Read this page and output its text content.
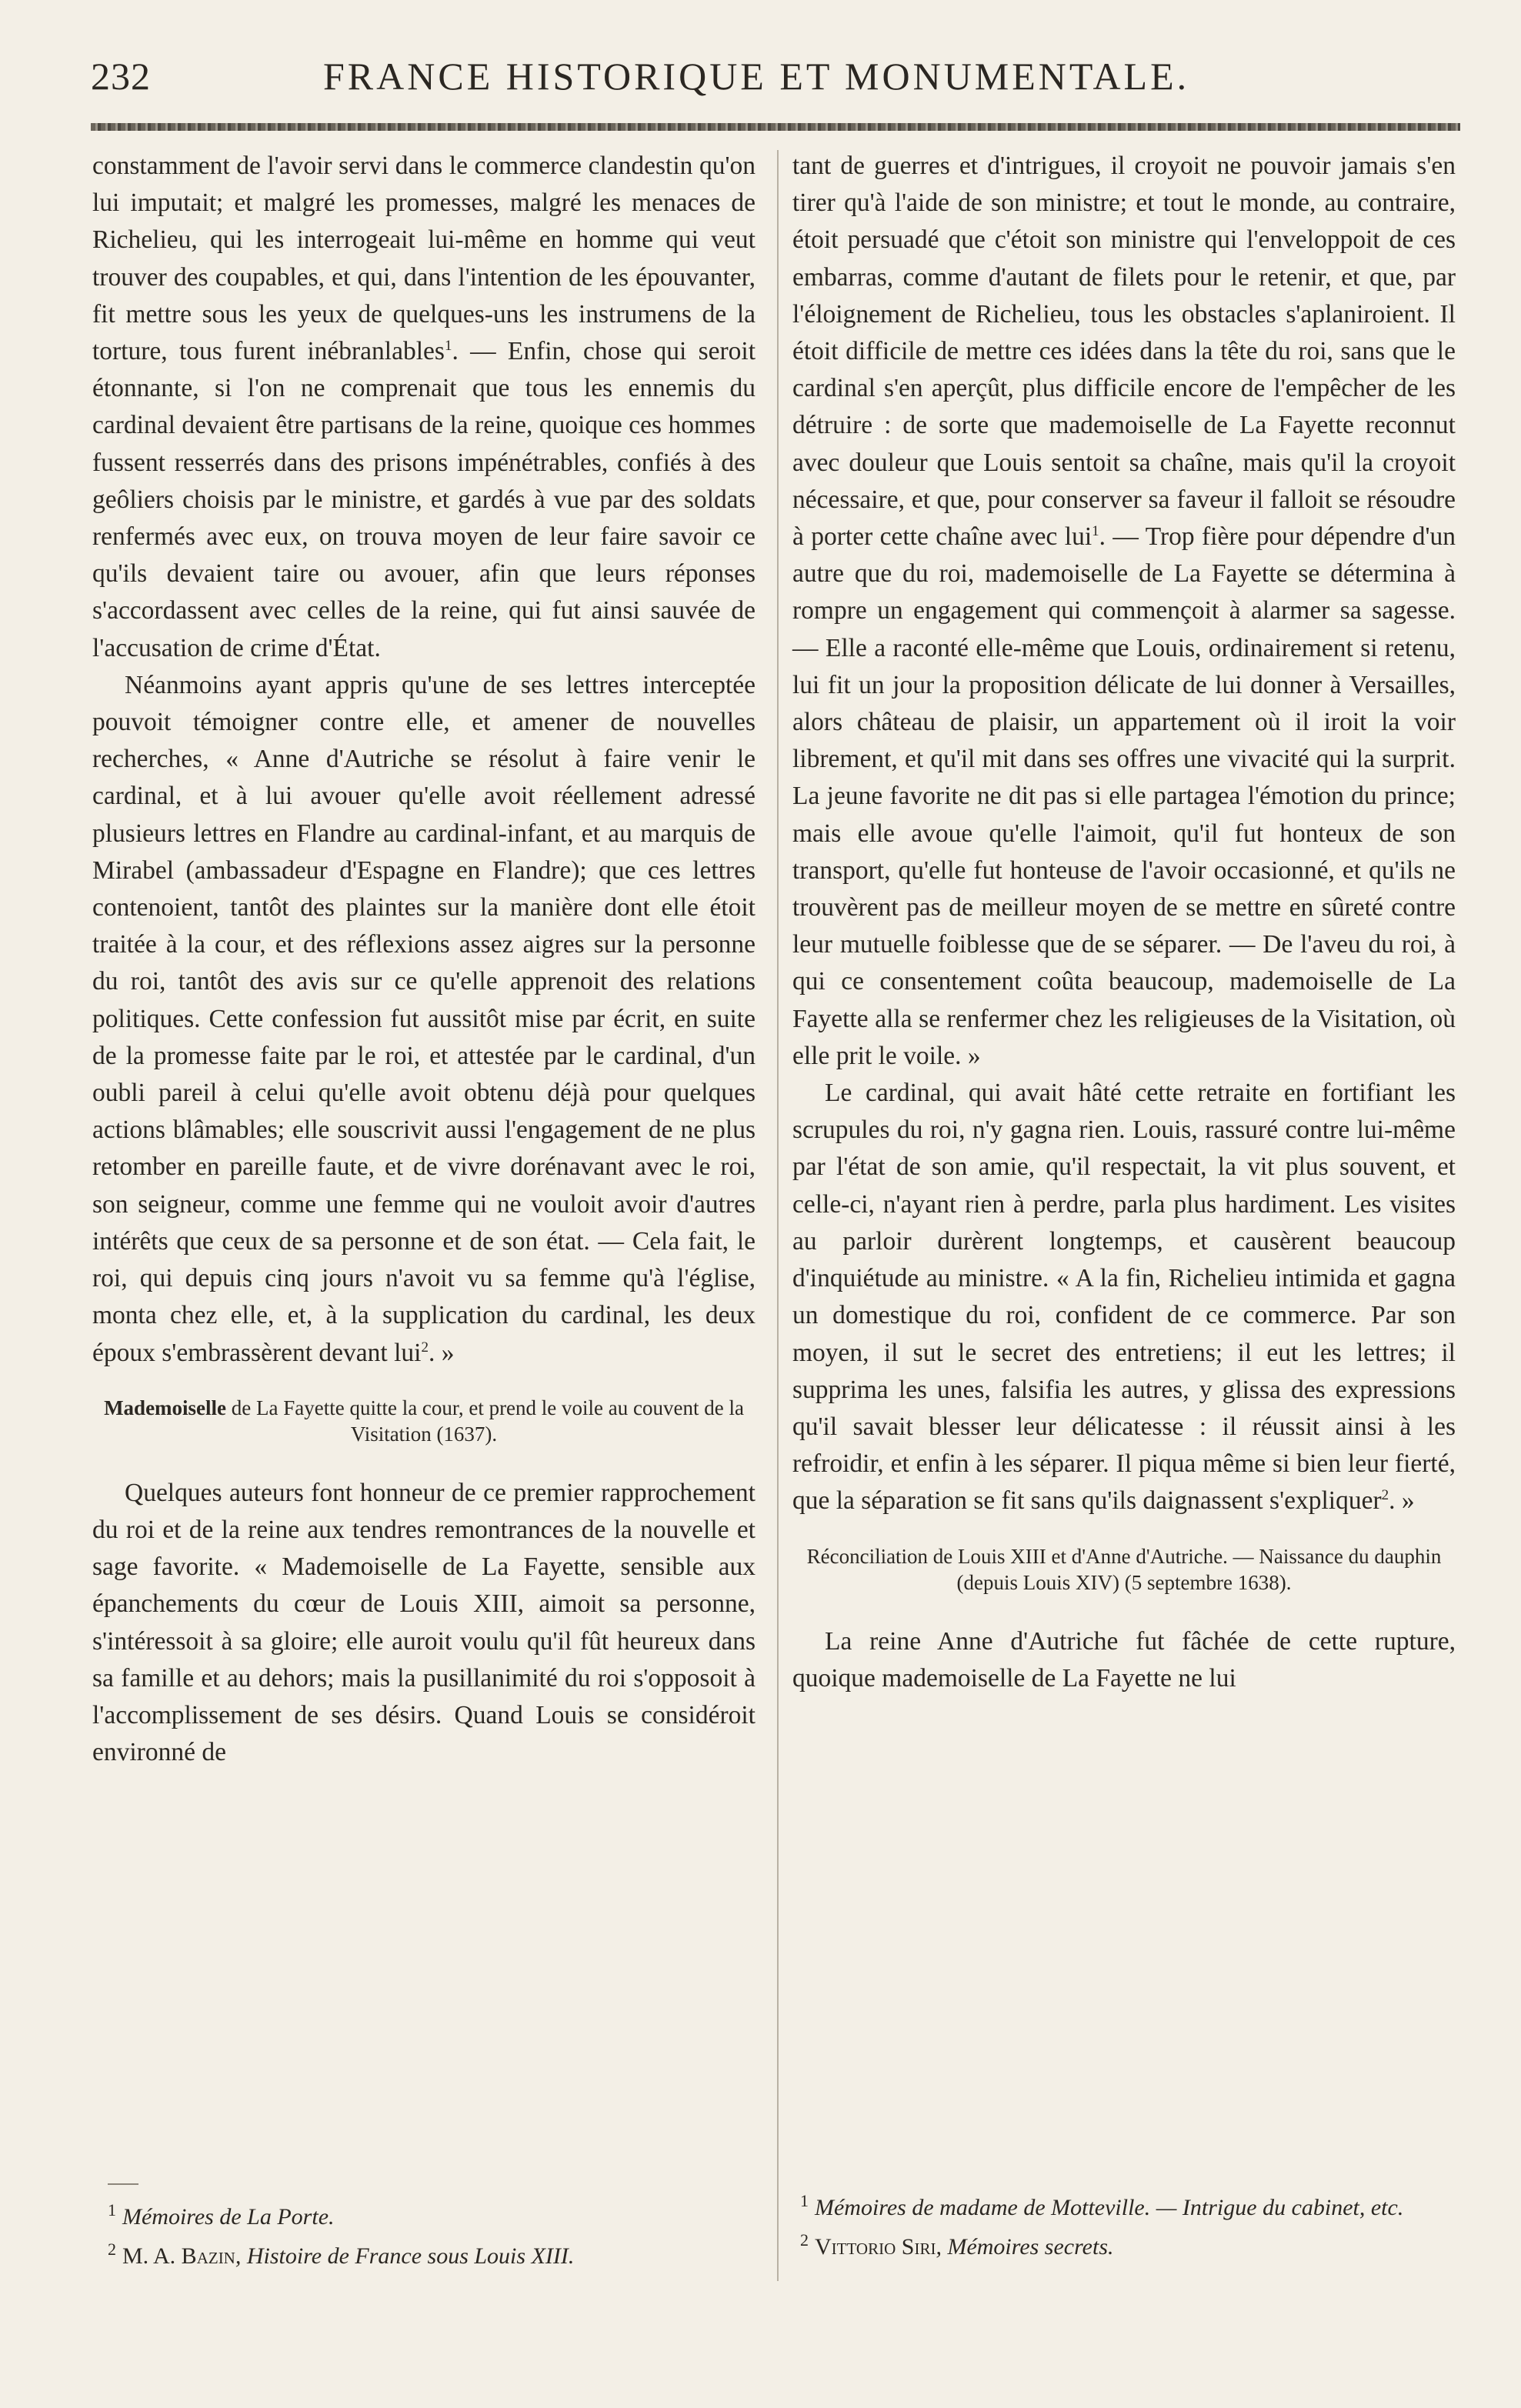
232	FRANCE HISTORIQUE ET MONUMENTALE.

constamment de l'avoir servi dans le commerce clandestin qu'on lui imputait; et malgré les promesses, malgré les menaces de Richelieu, qui les interrogeait lui-même en homme qui veut trouver des coupables, et qui, dans l'intention de les épouvanter, fit mettre sous les yeux de quelques-uns les instrumens de la torture, tous furent inébranlables$^1$. — Enfin, chose qui seroit étonnante, si l'on ne comprenait que tous les ennemis du cardinal devaient être partisans de la reine, quoique ces hommes fussent resserrés dans des prisons impénétrables, confiés à des geôliers choisis par le ministre, et gardés à vue par des soldats renfermés avec eux, on trouva moyen de leur faire savoir ce qu'ils devaient taire ou avouer, afin que leurs réponses s'accordassent avec celles de la reine, qui fut ainsi sauvée de l'accusation de crime d'État.

Néanmoins ayant appris qu'une de ses lettres interceptée pouvoit témoigner contre elle, et amener de nouvelles recherches, « Anne d'Autriche se résolut à faire venir le cardinal, et à lui avouer qu'elle avoit réellement adressé plusieurs lettres en Flandre au cardinal-infant, et au marquis de Mirabel (ambassadeur d'Espagne en Flandre); que ces lettres contenoient, tantôt des plaintes sur la manière dont elle étoit traitée à la cour, et des réflexions assez aigres sur la personne du roi, tantôt des avis sur ce qu'elle apprenoit des relations politiques. Cette confession fut aussitôt mise par écrit, en suite de la promesse faite par le roi, et attestée par le cardinal, d'un oubli pareil à celui qu'elle avoit obtenu déjà pour quelques actions blâmables; elle souscrivit aussi l'engagement de ne plus retomber en pareille faute, et de vivre dorénavant avec le roi, son seigneur, comme une femme qui ne vouloit avoir d'autres intérêts que ceux de sa personne et de son état. — Cela fait, le roi, qui depuis cinq jours n'avoit vu sa femme qu'à l'église, monta chez elle, et, à la supplication du cardinal, les deux époux s'embrassèrent devant lui$^2$. »

Mademoiselle de La Fayette quitte la cour, et prend le voile au couvent de la Visitation (1637).

Quelques auteurs font honneur de ce premier rapprochement du roi et de la reine aux tendres remontrances de la nouvelle et sage favorite. « Mademoiselle de La Fayette, sensible aux épanchements du cœur de Louis XIII, aimoit sa personne, s'intéressoit à sa gloire; elle auroit voulu qu'il fût heureux dans sa famille et au dehors; mais la pusillanimité du roi s'opposoit à l'accomplissement de ses désirs. Quand Louis se considéroit environné de

tant de guerres et d'intrigues, il croyoit ne pouvoir jamais s'en tirer qu'à l'aide de son ministre; et tout le monde, au contraire, étoit persuadé que c'étoit son ministre qui l'enveloppoit de ces embarras, comme d'autant de filets pour le retenir, et que, par l'éloignement de Richelieu, tous les obstacles s'aplaniroient. Il étoit difficile de mettre ces idées dans la tête du roi, sans que le cardinal s'en aperçût, plus difficile encore de l'empêcher de les détruire : de sorte que mademoiselle de La Fayette reconnut avec douleur que Louis sentoit sa chaîne, mais qu'il la croyoit nécessaire, et que, pour conserver sa faveur il falloit se résoudre à porter cette chaîne avec lui$^1$. — Trop fière pour dépendre d'un autre que du roi, mademoiselle de La Fayette se détermina à rompre un engagement qui commençoit à alarmer sa sagesse. — Elle a raconté elle-même que Louis, ordinairement si retenu, lui fit un jour la proposition délicate de lui donner à Versailles, alors château de plaisir, un appartement où il iroit la voir librement, et qu'il mit dans ses offres une vivacité qui la surprit. La jeune favorite ne dit pas si elle partagea l'émotion du prince; mais elle avoue qu'elle l'aimoit, qu'il fut honteux de son transport, qu'elle fut honteuse de l'avoir occasionné, et qu'ils ne trouvèrent pas de meilleur moyen de se mettre en sûreté contre leur mutuelle foiblesse que de se séparer. — De l'aveu du roi, à qui ce consentement coûta beaucoup, mademoiselle de La Fayette alla se renfermer chez les religieuses de la Visitation, où elle prit le voile. »

Le cardinal, qui avait hâté cette retraite en fortifiant les scrupules du roi, n'y gagna rien. Louis, rassuré contre lui-même par l'état de son amie, qu'il respectait, la vit plus souvent, et celle-ci, n'ayant rien à perdre, parla plus hardiment. Les visites au parloir durèrent longtemps, et causèrent beaucoup d'inquiétude au ministre. « A la fin, Richelieu intimida et gagna un domestique du roi, confident de ce commerce. Par son moyen, il sut le secret des entretiens; il eut les lettres; il supprima les unes, falsifia les autres, y glissa des expressions qu'il savait blesser leur délicatesse : il réussit ainsi à les refroidir, et enfin à les séparer. Il piqua même si bien leur fierté, que la séparation se fit sans qu'ils daignassent s'expliquer$^2$. »

Réconciliation de Louis XIII et d'Anne d'Autriche. — Naissance du dauphin (depuis Louis XIV) (5 septembre 1638).

La reine Anne d'Autriche fut fâchée de cette rupture, quoique mademoiselle de La Fayette ne lui

$^1$ Mémoires de La Porte.
$^2$ M. A. Bazin, Histoire de France sous Louis XIII.
$^1$ Mémoires de madame de Motteville. — Intrigue du cabinet, etc.
$^2$ Vittorio Siri, Mémoires secrets.
